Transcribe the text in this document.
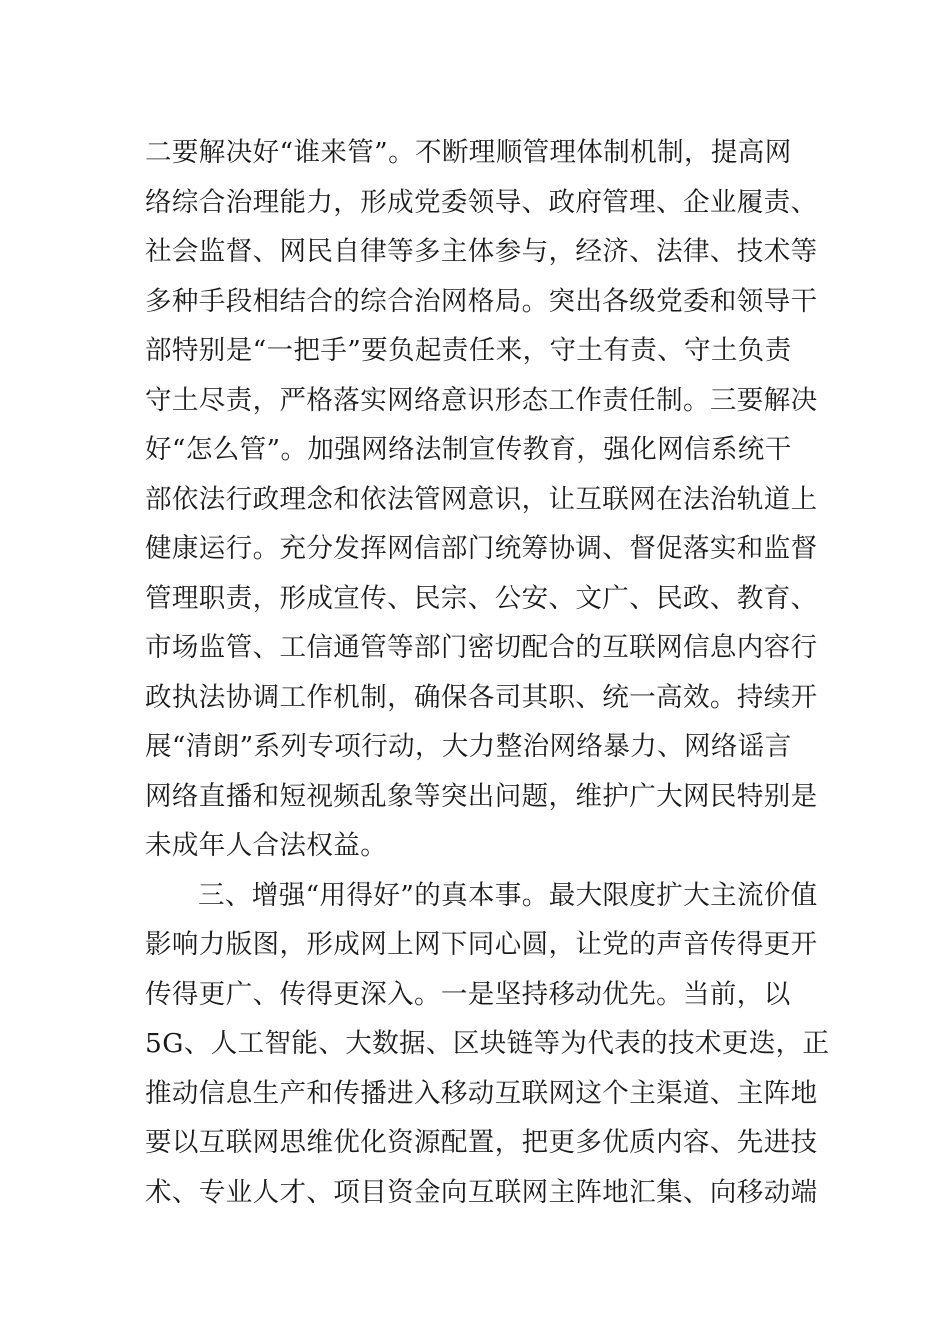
二要解决好“谁来管”。不断理顺管理体制机制，提高网
络综合治理能力，形成党委领导、政府管理、企业履责、
社会监督、网民自律等多主体参与，经济、法律、技术等
多种手段相结合的综合治网格局。突出各级党委和领导干
部特别是“一把手”要负起责任来，守土有责、守土负责
守土尽责，严格落实网络意识形态工作责任制。三要解决
好“怎么管”。加强网络法制宣传教育，强化网信系统干
部依法行政理念和依法管网意识，让互联网在法治轨道上
健康运行。充分发挥网信部门统筹协调、督促落实和监督
管理职责，形成宣传、民宗、公安、文广、民政、教育、
市场监管、工信通管等部门密切配合的互联网信息内容行
政执法协调工作机制，确保各司其职、统一高效。持续开
展“清朗”系列专项行动，大力整治网络暴力、网络谣言
网络直播和短视频乱象等突出问题，维护广大网民特别是
未成年人合法权益。
三、增强“用得好”的真本事。最大限度扩大主流价值
影响力版图，形成网上网下同心圆，让党的声音传得更开
传得更广、传得更深入。一是坚持移动优先。当前，以
5G、人工智能、大数据、区块链等为代表的技术更迭，正
推动信息生产和传播进入移动互联网这个主渠道、主阵地
要以互联网思维优化资源配置，把更多优质内容、先进技
术、专业人才、项目资金向互联网主阵地汇集、向移动端
